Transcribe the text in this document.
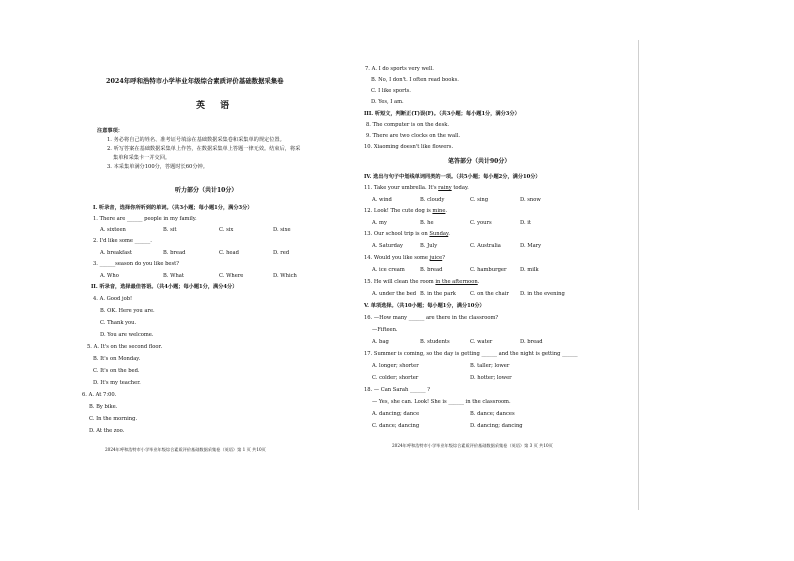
2024年呼和浩特市小学毕业年级综合素质评价基础数据采集卷
英 语
注意事项：
1. 务必将自己的姓名、准考证号填涂在基础数据采集卷和采集单的规定位置。
2. 听写答案在基础数据采集单上作答，在数据采集单上答题一律无效。结束后，将采
集单和采集卡一并交回。
3. 本采集单满分100分，答题时长60分钟。
听力部分（共计10分）
I. 听录音，选择你所听到的单词。（共3小题；每小题1分，满分3分）
1. There are ______ people in my family.
A. sixteen	B. sit	C. six	D. sixe
2. I'd like some ______.
A. breakfast	B. bread	C. head	D. red
3. ______season do you like best?
A. Who	B. What	C. Where	D. Which
II. 听录音，选择最佳答语。（共4小题；每小题1分，满分4分）
4. A. Good job!
B. OK. Here you are.
C. Thank you.
D. You are welcome.
5. A. It's on the second floor.
B. It's on Monday.
C. It's on the bed.
D. It's my teacher.
6. A. At 7:00.
B. By bike.
C. In the morning.
D. At the zoo.
2024年呼和浩特市小学毕业年级综合素质评价基础数据采集卷（英语）第 1 页 共10页
7. A. I do sports very well.
B. No, I don't. I often read books.
C. I like sports.
D. Yes, I am.
III. 听短文，判断正(T)误(F)。（共3小题；每小题1分，满分3分）
8. The computer is on the desk.
9. There are two clocks on the wall.
10. Xiaoming doesn't like flowers.
笔答部分（共计90分）
IV. 选出与句子中划线单词同类的一项。（共5小题；每小题2分，满分10分）
11. Take your umbrella. It's rainy today.
A. wind	B. cloudy	C. sing	D. snow
12. Look! The cute dog is mine.
A. my	B. he	C. yours	D. it
13. Our school trip is on Sunday.
A. Saturday	B. July	C. Australia	D. Mary
14. Would you like some juice?
A. ice cream	B. bread	C. hamburger	D. milk
15. He will clean the room in the afternoon.
A. under the bed B. in the park	C. on the chair	D. in the evening
V. 单项选择。（共10小题；每小题1分，满分10分）
16. —How many ______ are there in the classroom?
—Fifteen.
A. bag	B. students	C. water	D. bread
17. Summer is coming, so the day is getting ______ and the night is getting ______
A. longer; shorter	B. taller; lower
C. colder; shorter	D. hotter; lower
18. — Can Sarah ______ ?
— Yes, she can. Look! She is ______ in the classroom.
A. dancing; dance	B. dance; dances
C. dance; dancing	D. dancing; dancing
2024年呼和浩特市小学毕业年级综合素质评价基础数据采集卷（英语）第 3 页 共10页
